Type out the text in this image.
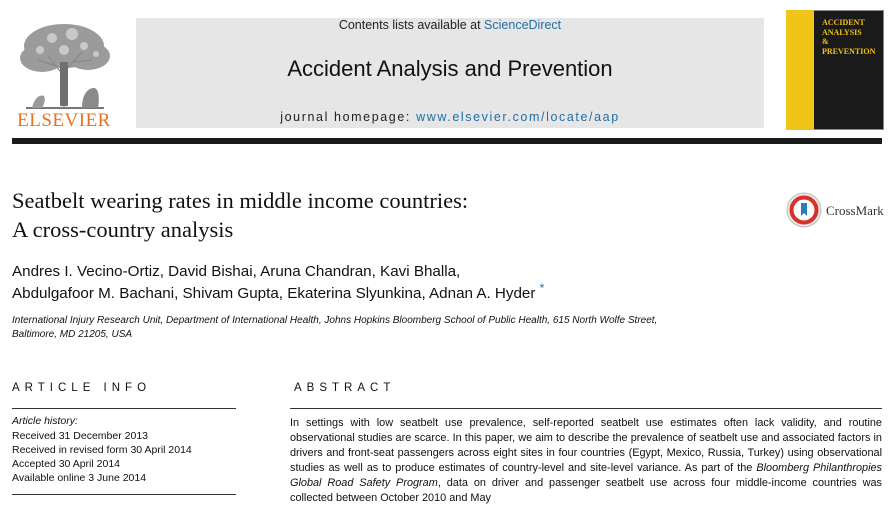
ELSEVIER
Contents lists available at ScienceDirect
Accident Analysis and Prevention
journal homepage: www.elsevier.com/locate/aap
ACCIDENT
ANALYSIS
&
PREVENTION
Seatbelt wearing rates in middle income countries:
A cross-country analysis
CrossMark
Andres I. Vecino-Ortiz, David Bishai, Aruna Chandran, Kavi Bhalla,
Abdulgafoor M. Bachani, Shivam Gupta, Ekaterina Slyunkina, Adnan A. Hyder *
International Injury Research Unit, Department of International Health, Johns Hopkins Bloomberg School of Public Health, 615 North Wolfe Street,
Baltimore, MD 21205, USA
ARTICLE INFO
Article history:
Received 31 December 2013
Received in revised form 30 April 2014
Accepted 30 April 2014
Available online 3 June 2014
ABSTRACT
In settings with low seatbelt use prevalence, self-reported seatbelt use estimates often lack validity, and routine observational studies are scarce. In this paper, we aim to describe the prevalence of seatbelt use and associated factors in drivers and front-seat passengers across eight sites in four countries (Egypt, Mexico, Russia, Turkey) using observational studies as well as to produce estimates of country-level and site-level variance. As part of the Bloomberg Philanthropies Global Road Safety Program, data on driver and passenger seatbelt use across four middle-income countries was collected between October 2010 and May
